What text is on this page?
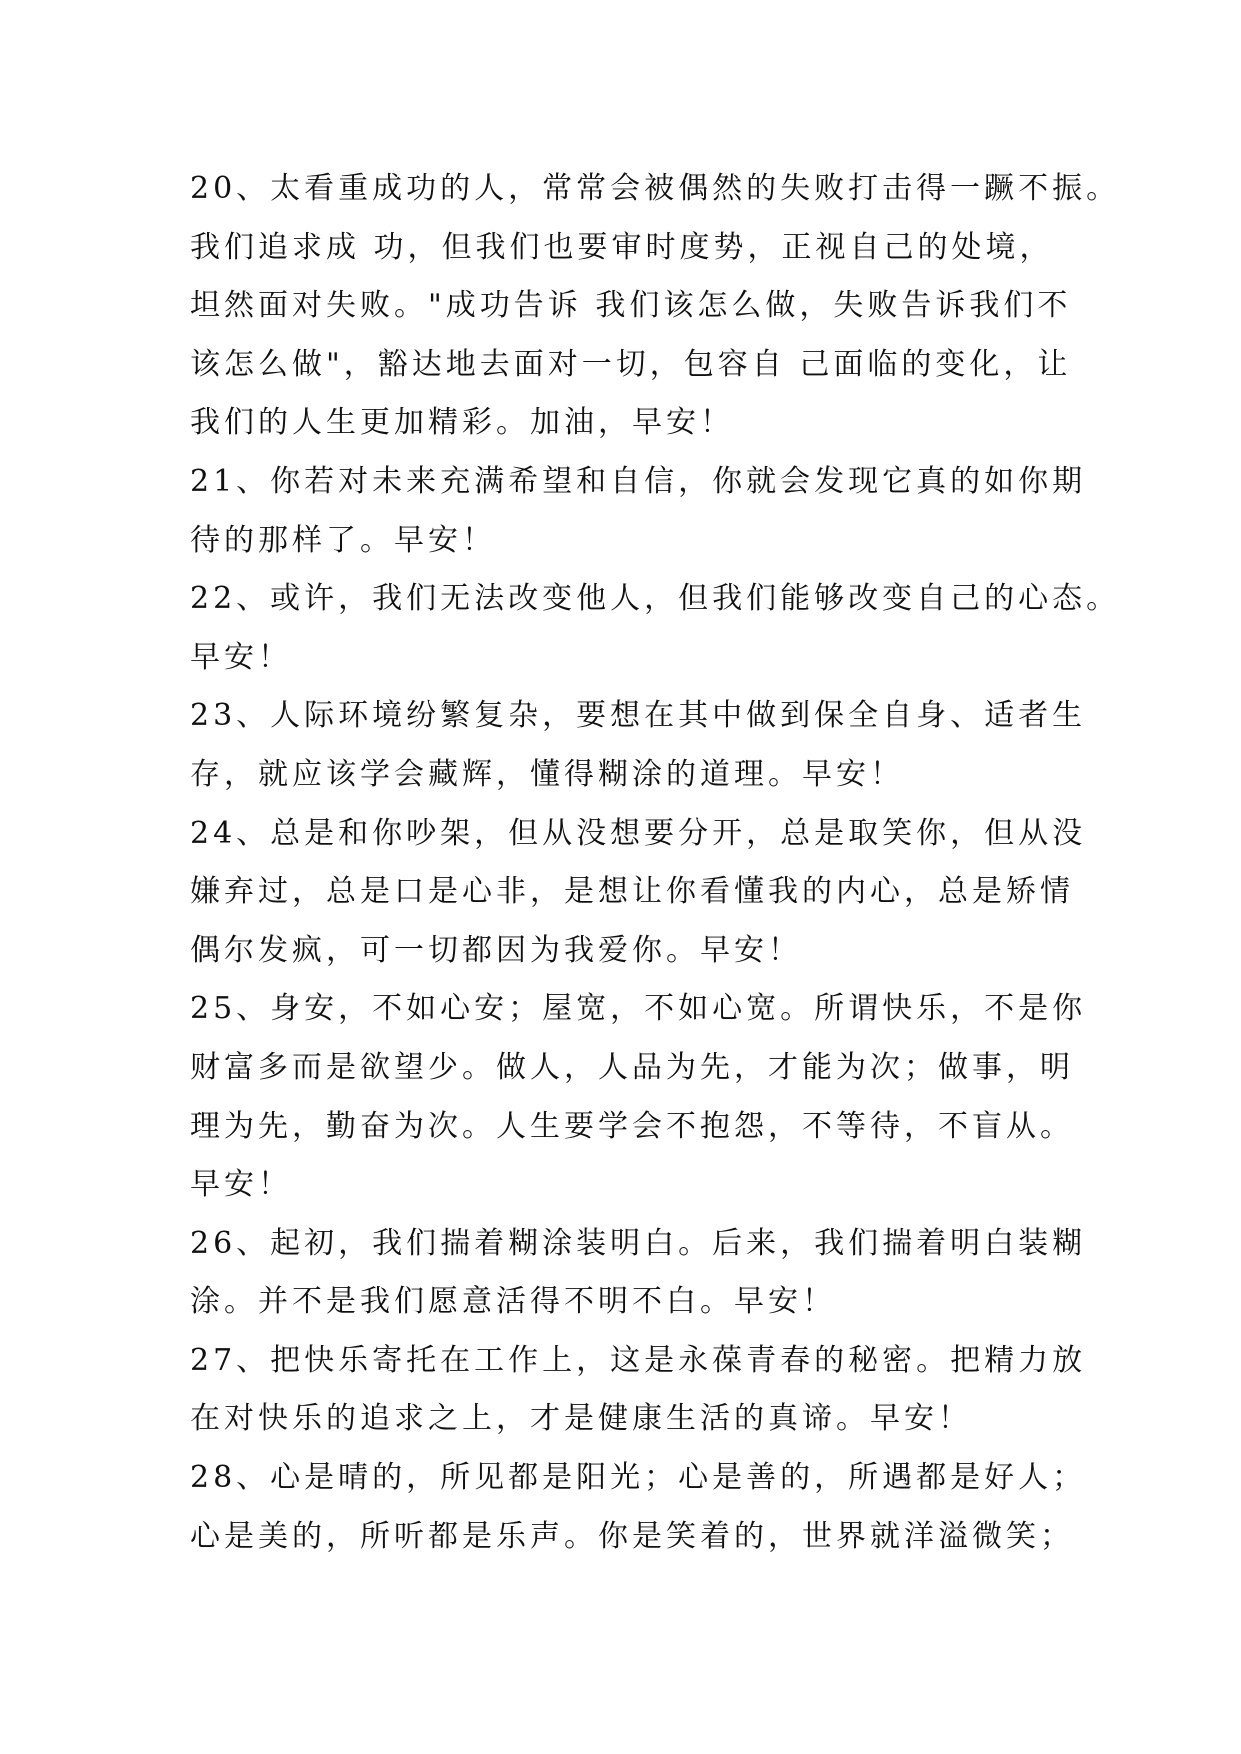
20、太看重成功的人，常常会被偶然的失败打击得一蹶不振。
我们追求成 功，但我们也要审时度势，正视自己的处境，
坦然面对失败。"成功告诉 我们该怎么做，失败告诉我们不
该怎么做"，豁达地去面对一切，包容自 己面临的变化，让
我们的人生更加精彩。加油，早安！
21、你若对未来充满希望和自信，你就会发现它真的如你期
待的那样了。早安！
22、或许，我们无法改变他人，但我们能够改变自己的心态。
早安！
23、人际环境纷繁复杂，要想在其中做到保全自身、适者生
存，就应该学会藏辉，懂得糊涂的道理。早安！
24、总是和你吵架，但从没想要分开，总是取笑你，但从没
嫌弃过，总是口是心非，是想让你看懂我的内心，总是矫情
偶尔发疯，可一切都因为我爱你。早安！
25、身安，不如心安；屋宽，不如心宽。所谓快乐，不是你
财富多而是欲望少。做人，人品为先，才能为次；做事，明
理为先，勤奋为次。人生要学会不抱怨，不等待，不盲从。
早安！
26、起初，我们揣着糊涂装明白。后来，我们揣着明白装糊
涂。并不是我们愿意活得不明不白。早安！
27、把快乐寄托在工作上，这是永葆青春的秘密。把精力放
在对快乐的追求之上，才是健康生活的真谛。早安！
28、心是晴的，所见都是阳光；心是善的，所遇都是好人；
心是美的，所听都是乐声。你是笑着的，世界就洋溢微笑；
